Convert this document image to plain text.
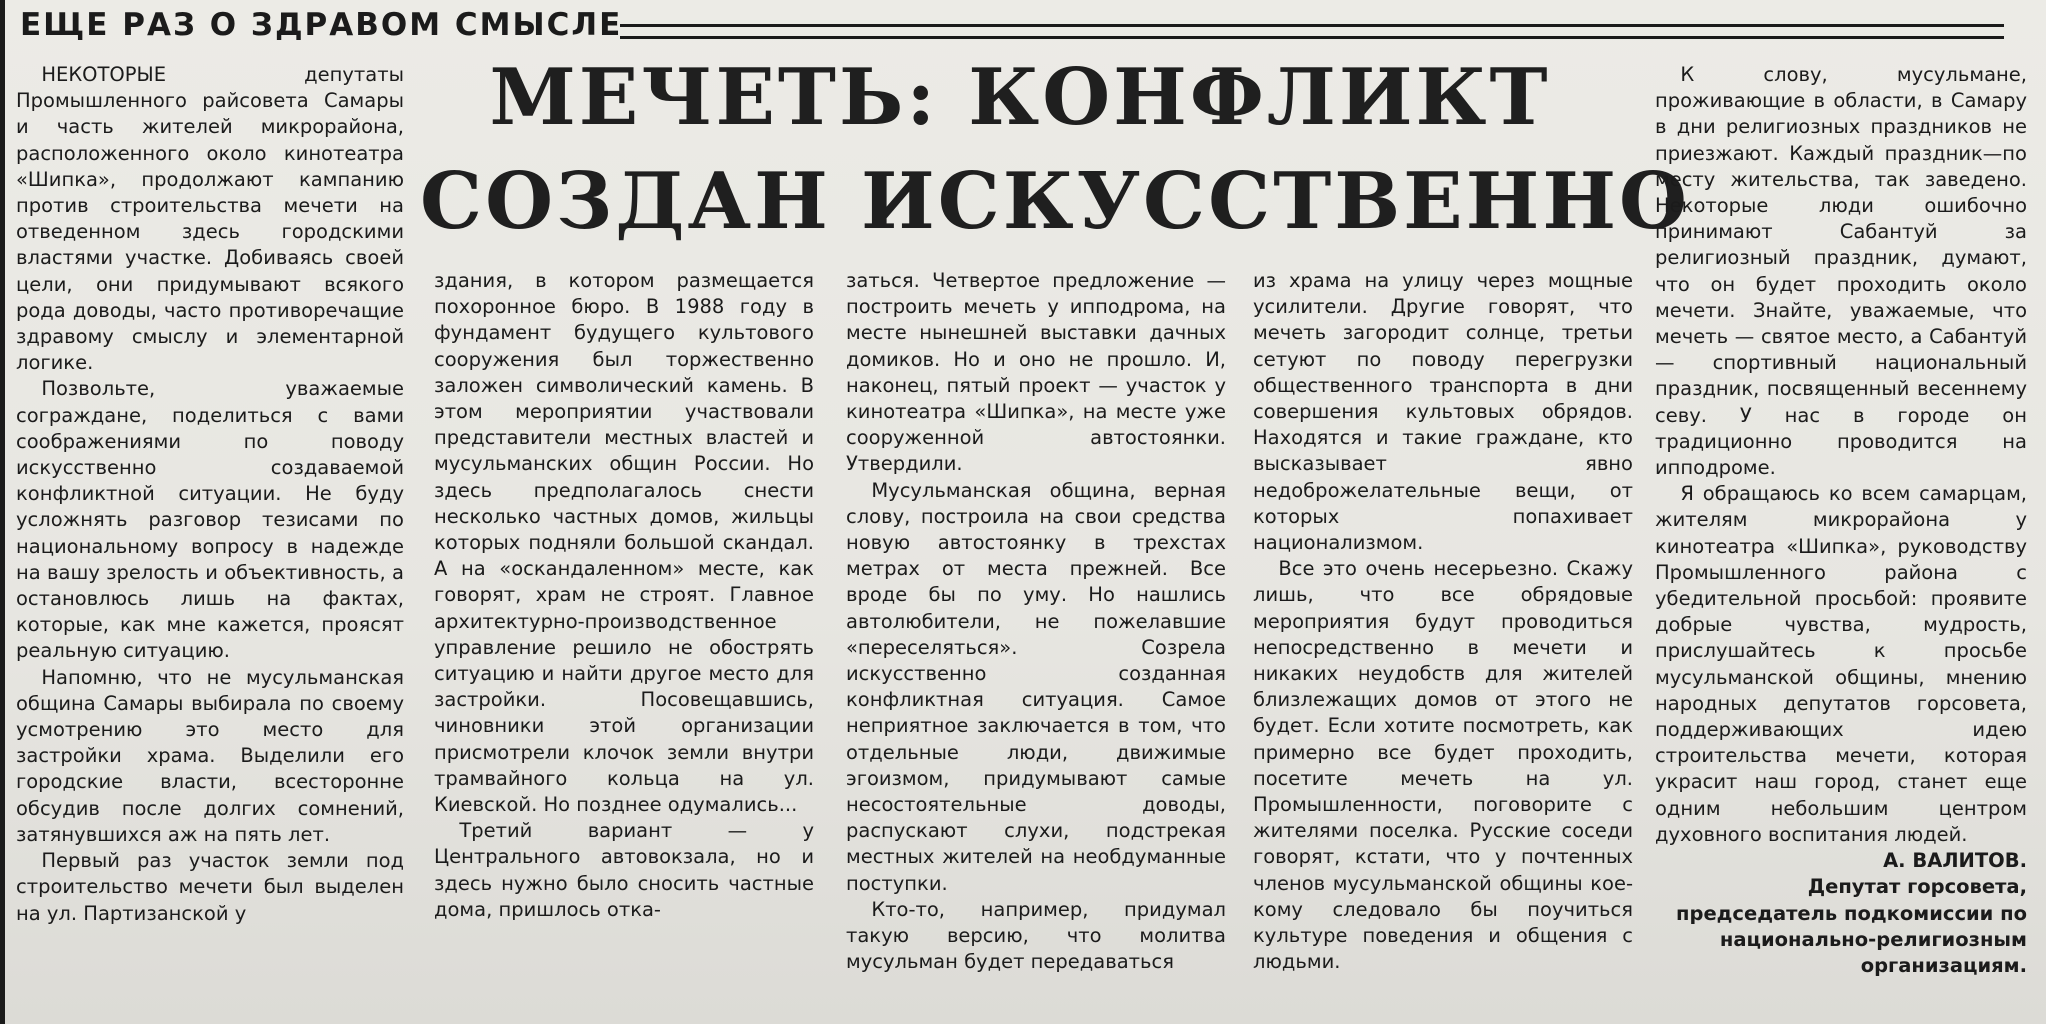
ЕЩЕ РАЗ О ЗДРАВОМ СМЫСЛЕ
МЕЧЕТЬ: КОНФЛИКТ
СОЗДАН ИСКУССТВЕННО

НЕКОТОРЫЕ депутаты Промышленного райсовета Самары и часть жителей микрорайона, расположенного около кинотеатра «Шипка», продолжают кампанию против строительства мечети на отведенном здесь городскими властями участке. Добиваясь своей цели, они придумывают всякого рода доводы, часто противоречащие здравому смыслу и элементарной логике.

Позвольте, уважаемые сограждане, поделиться с вами соображениями по поводу искусственно создаваемой конфликтной ситуации. Не буду усложнять разговор тезисами по национальному вопросу в надежде на вашу зрелость и объективность, а остановлюсь лишь на фактах, которые, как мне кажется, проясят реальную ситуацию.

Напомню, что не мусульманская община Самары выбирала по своему усмотрению это место для застройки храма. Выделили его городские власти, всесторонне обсудив после долгих сомнений, затянувшихся аж на пять лет.

Первый раз участок земли под строительство мечети был выделен на ул. Партизанской у

здания, в котором размещается похоронное бюро. В 1988 году в фундамент будущего культового сооружения был торжественно заложен символический камень. В этом мероприятии участвовали представители местных властей и мусульманских общин России. Но здесь предполагалось снести несколько частных домов, жильцы которых подняли большой скандал. А на «оскандаленном» месте, как говорят, храм не строят. Главное архитектурно-производственное управление решило не обострять ситуацию и найти другое место для застройки. Посовещавшись, чиновники этой организации присмотрели клочок земли внутри трамвайного кольца на ул. Киевской. Но позднее одумались...

Третий вариант — у Центрального автовокзала, но и здесь нужно было сносить частные дома, пришлось отка-

заться. Четвертое предложение — построить мечеть у ипподрома, на месте нынешней выставки дачных домиков. Но и оно не прошло. И, наконец, пятый проект — участок у кинотеатра «Шипка», на месте уже сооруженной автостоянки. Утвердили.

Мусульманская община, верная слову, построила на свои средства новую автостоянку в трехстах метрах от места прежней. Все вроде бы по уму. Но нашлись автолюбители, не пожелавшие «переселяться». Созрела искусственно созданная конфликтная ситуация. Самое неприятное заключается в том, что отдельные люди, движимые эгоизмом, придумывают самые несостоятельные доводы, распускают слухи, подстрекая местных жителей на необдуманные поступки.

Кто-то, например, придумал такую версию, что молитва мусульман будет передаваться

из храма на улицу через мощные усилители. Другие говорят, что мечеть загородит солнце, третьи сетуют по поводу перегрузки общественного транспорта в дни совершения культовых обрядов. Находятся и такие граждане, кто высказывает явно недоброжелательные вещи, от которых попахивает национализмом.

Все это очень несерьезно. Скажу лишь, что все обрядовые мероприятия будут проводиться непосредственно в мечети и никаких неудобств для жителей близлежащих домов от этого не будет. Если хотите посмотреть, как примерно все будет проходить, посетите мечеть на ул. Промышленности, поговорите с жителями поселка. Русские соседи говорят, кстати, что у почтенных членов мусульманской общины кое-кому следовало бы поучиться культуре поведения и общения с людьми.

К слову, мусульмане, проживающие в области, в Самару в дни религиозных праздников не приезжают. Каждый праздник—по месту жительства, так заведено. Некоторые люди ошибочно принимают Сабантуй за религиозный праздник, думают, что он будет проходить около мечети. Знайте, уважаемые, что мечеть — святое место, а Сабантуй — спортивный национальный праздник, посвященный весеннему севу. У нас в городе он традиционно проводится на ипподроме.

Я обращаюсь ко всем самарцам, жителям микрорайона у кинотеатра «Шипка», руководству Промышленного района с убедительной просьбой: проявите добрые чувства, мудрость, прислушайтесь к просьбе мусульманской общины, мнению народных депутатов горсовета, поддерживающих идею строительства мечети, которая украсит наш город, станет еще одним небольшим центром духовного воспитания людей.

А. ВАЛИТОВ.
Депутат горсовета, председатель подкомиссии по национально-религиозным организациям.
